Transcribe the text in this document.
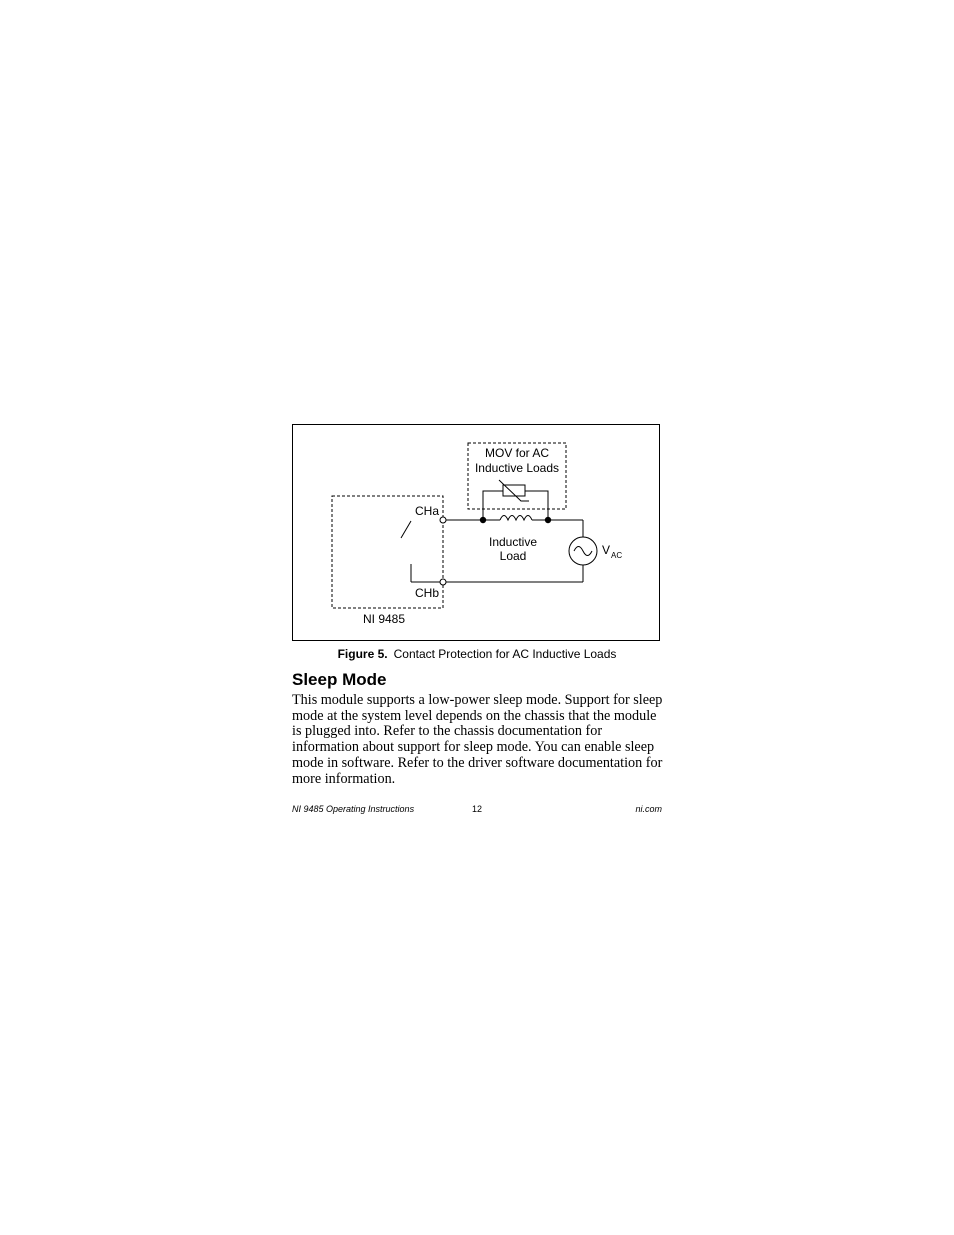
MOV for AC
Inductive Loads
NI 9485
CHa
CHb
V AC
Inductive
Load
Figure 5. Contact Protection for AC Inductive Loads
Sleep Mode

This module supports a low-power sleep mode. Support for sleep mode at the system level depends on the chassis that the module is plugged into. Refer to the chassis documentation for information about support for sleep mode. You can enable sleep mode in software. Refer to the driver software documentation for more information.

NI 9485 Operating Instructions	12	ni.com
